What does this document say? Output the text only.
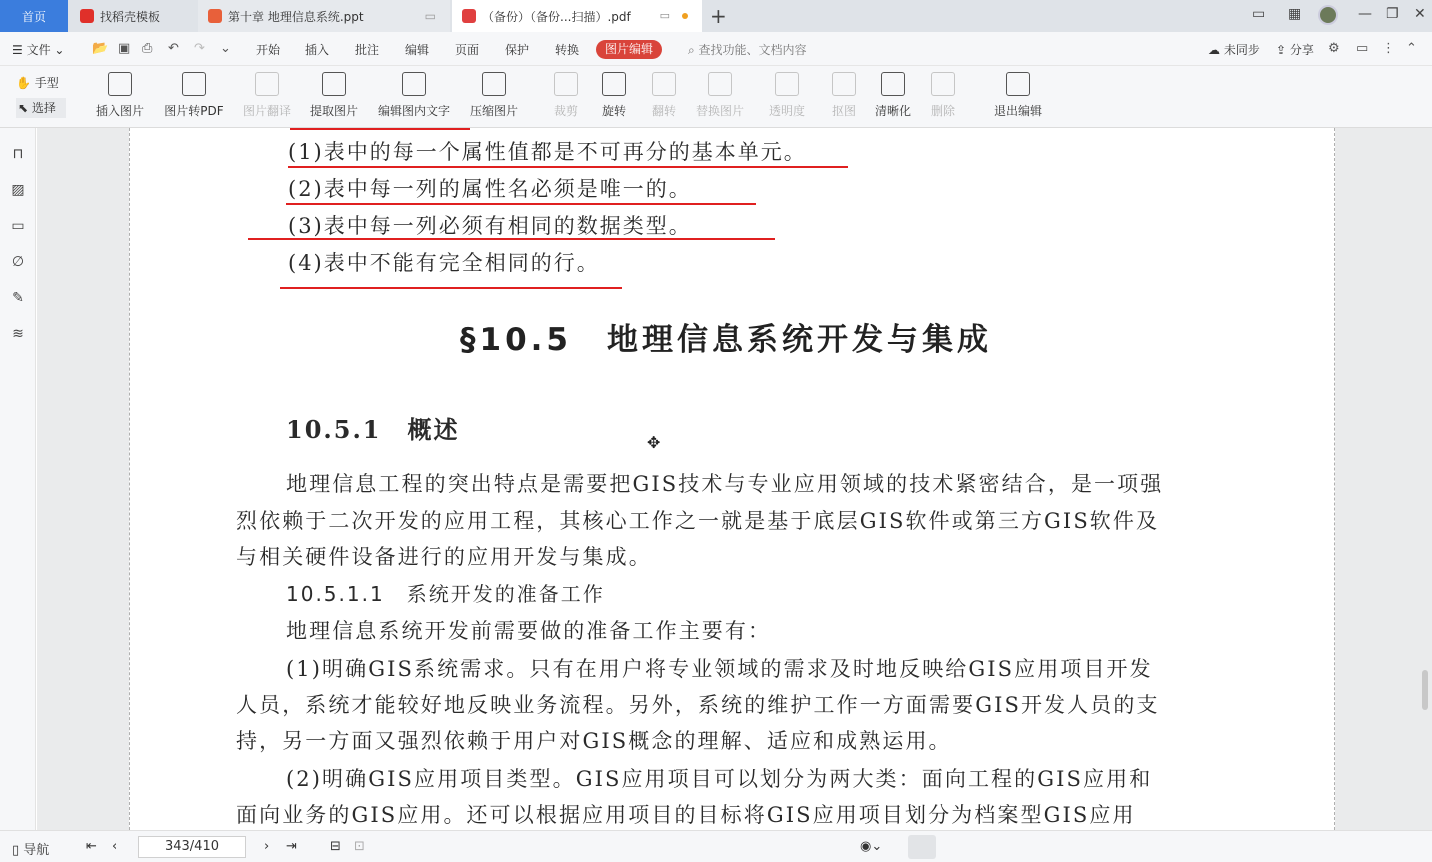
首页	找稻壳模板	第十章 地理信息系统.ppt	▭	（备份）（备份...扫描）.pdf	▭ +	▭ ▦	— ❐ ✕
☰ 文件 ⌄ 📂 ▣ ⎙ ↶ ↷ ⌄ 开始 插入 批注 编辑 页面 保护 转换	图片编辑	⌕ 查找功能、文档内容	☁ 未同步 ⇪ 分享 ⚙ ▭ ⋮ ⌃
✋ 手型
⬉ 选择	插入图片	图片转PDF	图片翻译	提取图片	编辑图内文字	压缩图片	裁剪	旋转	翻转	替换图片	透明度	抠图	清晰化	删除	退出编辑
⊓
▨
▭
∅
✎
≋
(1)表中的每一个属性值都是不可再分的基本单元。
(2)表中每一列的属性名必须是唯一的。
(3)表中每一列必须有相同的数据类型。
(4)表中不能有完全相同的行。
§10.5　地理信息系统开发与集成
10.5.1　概述
地理信息工程的突出特点是需要把GIS技术与专业应用领域的技术紧密结合，是一项强
烈依赖于二次开发的应用工程，其核心工作之一就是基于底层GIS软件或第三方GIS软件及
与相关硬件设备进行的应用开发与集成。
10.5.1.1　系统开发的准备工作
地理信息系统开发前需要做的准备工作主要有：
(1)明确GIS系统需求。只有在用户将专业领域的需求及时地反映给GIS应用项目开发
人员，系统才能较好地反映业务流程。另外，系统的维护工作一方面需要GIS开发人员的支
持，另一方面又强烈依赖于用户对GIS概念的理解、适应和成熟运用。
(2)明确GIS应用项目类型。GIS应用项目可以划分为两大类：面向工程的GIS应用和
面向业务的GIS应用。还可以根据应用项目的目标将GIS应用项目划分为档案型GIS应用
✥
▯ 导航	⇤ ‹	343/410	› ⇥	⊟ ⊡	◉⌄
